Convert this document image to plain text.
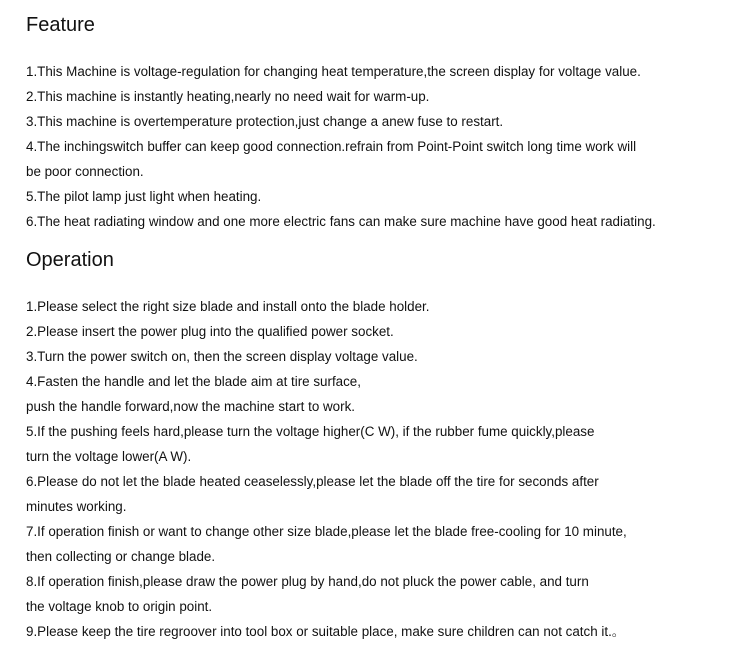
Feature
1.This Machine is voltage-regulation for changing heat temperature,the screen display for voltage value.
2.This machine is instantly heating,nearly no need wait for warm-up.
3.This machine is overtemperature protection,just change a anew fuse to restart.
4.The inchingswitch buffer can keep good connection.refrain from Point-Point switch long time work will
be poor connection.
5.The pilot lamp just light when heating.
6.The heat radiating window and one more electric fans can make sure machine have good heat radiating.
Operation
1.Please select the right size blade and install onto the blade holder.
2.Please insert the power plug into the qualified power socket.
3.Turn the power switch on, then the screen display voltage value.
4.Fasten the handle and let the blade aim at tire surface,
push the handle forward,now the machine start to work.
5.If the pushing feels hard,please turn the voltage higher(C W), if the rubber fume quickly,please
turn the voltage lower(A W).
6.Please do not let the blade heated ceaselessly,please let the blade off the tire for seconds after
minutes working.
7.If operation finish or want to change other size blade,please let the blade free-cooling for 10 minute,
then collecting or change blade.
8.If operation finish,please draw the power plug by hand,do not pluck the power cable, and turn
the voltage knob to origin point.
9.Please keep the tire regroover into tool box or suitable place, make sure children can not catch it.。
